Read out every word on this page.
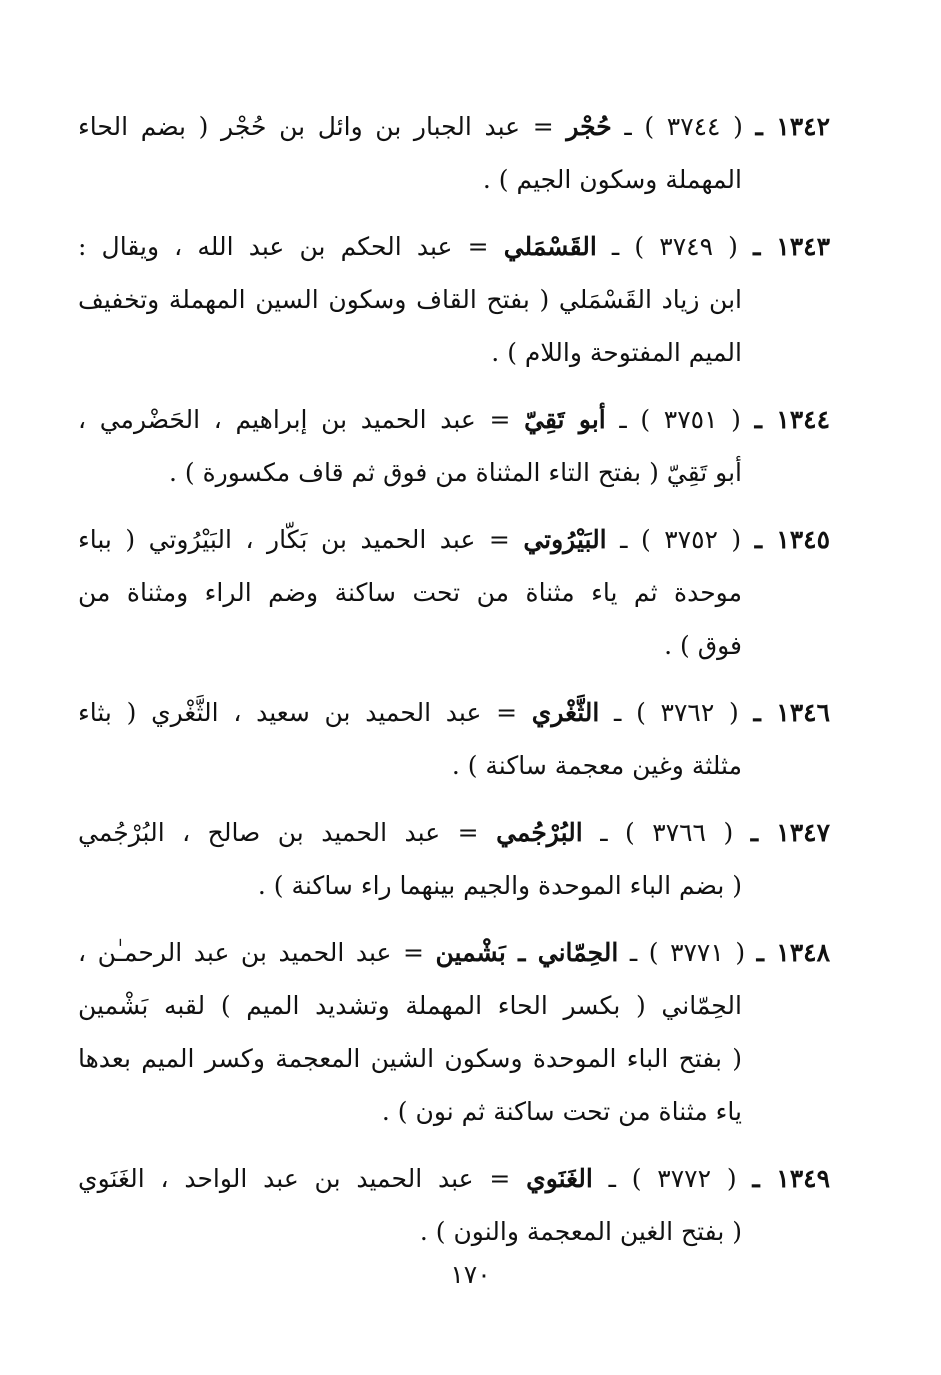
١٣٤٢ ـ ( ٣٧٤٤ ) ـ حُجْر = عبد الجبار بن وائل بن حُجْر ( بضم الحاء
المهملة وسكون الجيم ) .
١٣٤٣ ـ ( ٣٧٤٩ ) ـ القَسْمَلي = عبد الحكم بن عبد الله ، ويقال :
ابن زياد القَسْمَلي ( بفتح القاف وسكون السين المهملة وتخفيف
الميم المفتوحة واللام ) .
١٣٤٤ ـ ( ٣٧٥١ ) ـ أبو تَقِيّ = عبد الحميد بن إبراهيم ، الحَضْرمي ،
أبو تَقِيّ ( بفتح التاء المثناة من فوق ثم قاف مكسورة ) .
١٣٤٥ ـ ( ٣٧٥٢ ) ـ البَيْرُوتي = عبد الحميد بن بَكّار ، البَيْرُوتي ( بباء
موحدة ثم ياء مثناة من تحت ساكنة وضم الراء ومثناة من
فوق ) .
١٣٤٦ ـ ( ٣٧٦٢ ) ـ الثَّغْري = عبد الحميد بن سعيد ، الثَّغْري ( بثاء
مثلثة وغين معجمة ساكنة ) .
١٣٤٧ ـ ( ٣٧٦٦ ) ـ البُرْجُمي = عبد الحميد بن صالح ، البُرْجُمي
( بضم الباء الموحدة والجيم بينهما راء ساكنة ) .
١٣٤٨ ـ ( ٣٧٧١ ) ـ الحِمّاني ـ بَشْمين = عبد الحميد بن عبد الرحمـٰن ،
الحِمّاني ( بكسر الحاء المهملة وتشديد الميم ) لقبه بَشْمين
( بفتح الباء الموحدة وسكون الشين المعجمة وكسر الميم بعدها
ياء مثناة من تحت ساكنة ثم نون ) .
١٣٤٩ ـ ( ٣٧٧٢ ) ـ الغَنَوي = عبد الحميد بن عبد الواحد ، الغَنَوي
( بفتح الغين المعجمة والنون ) .
١٧٠
